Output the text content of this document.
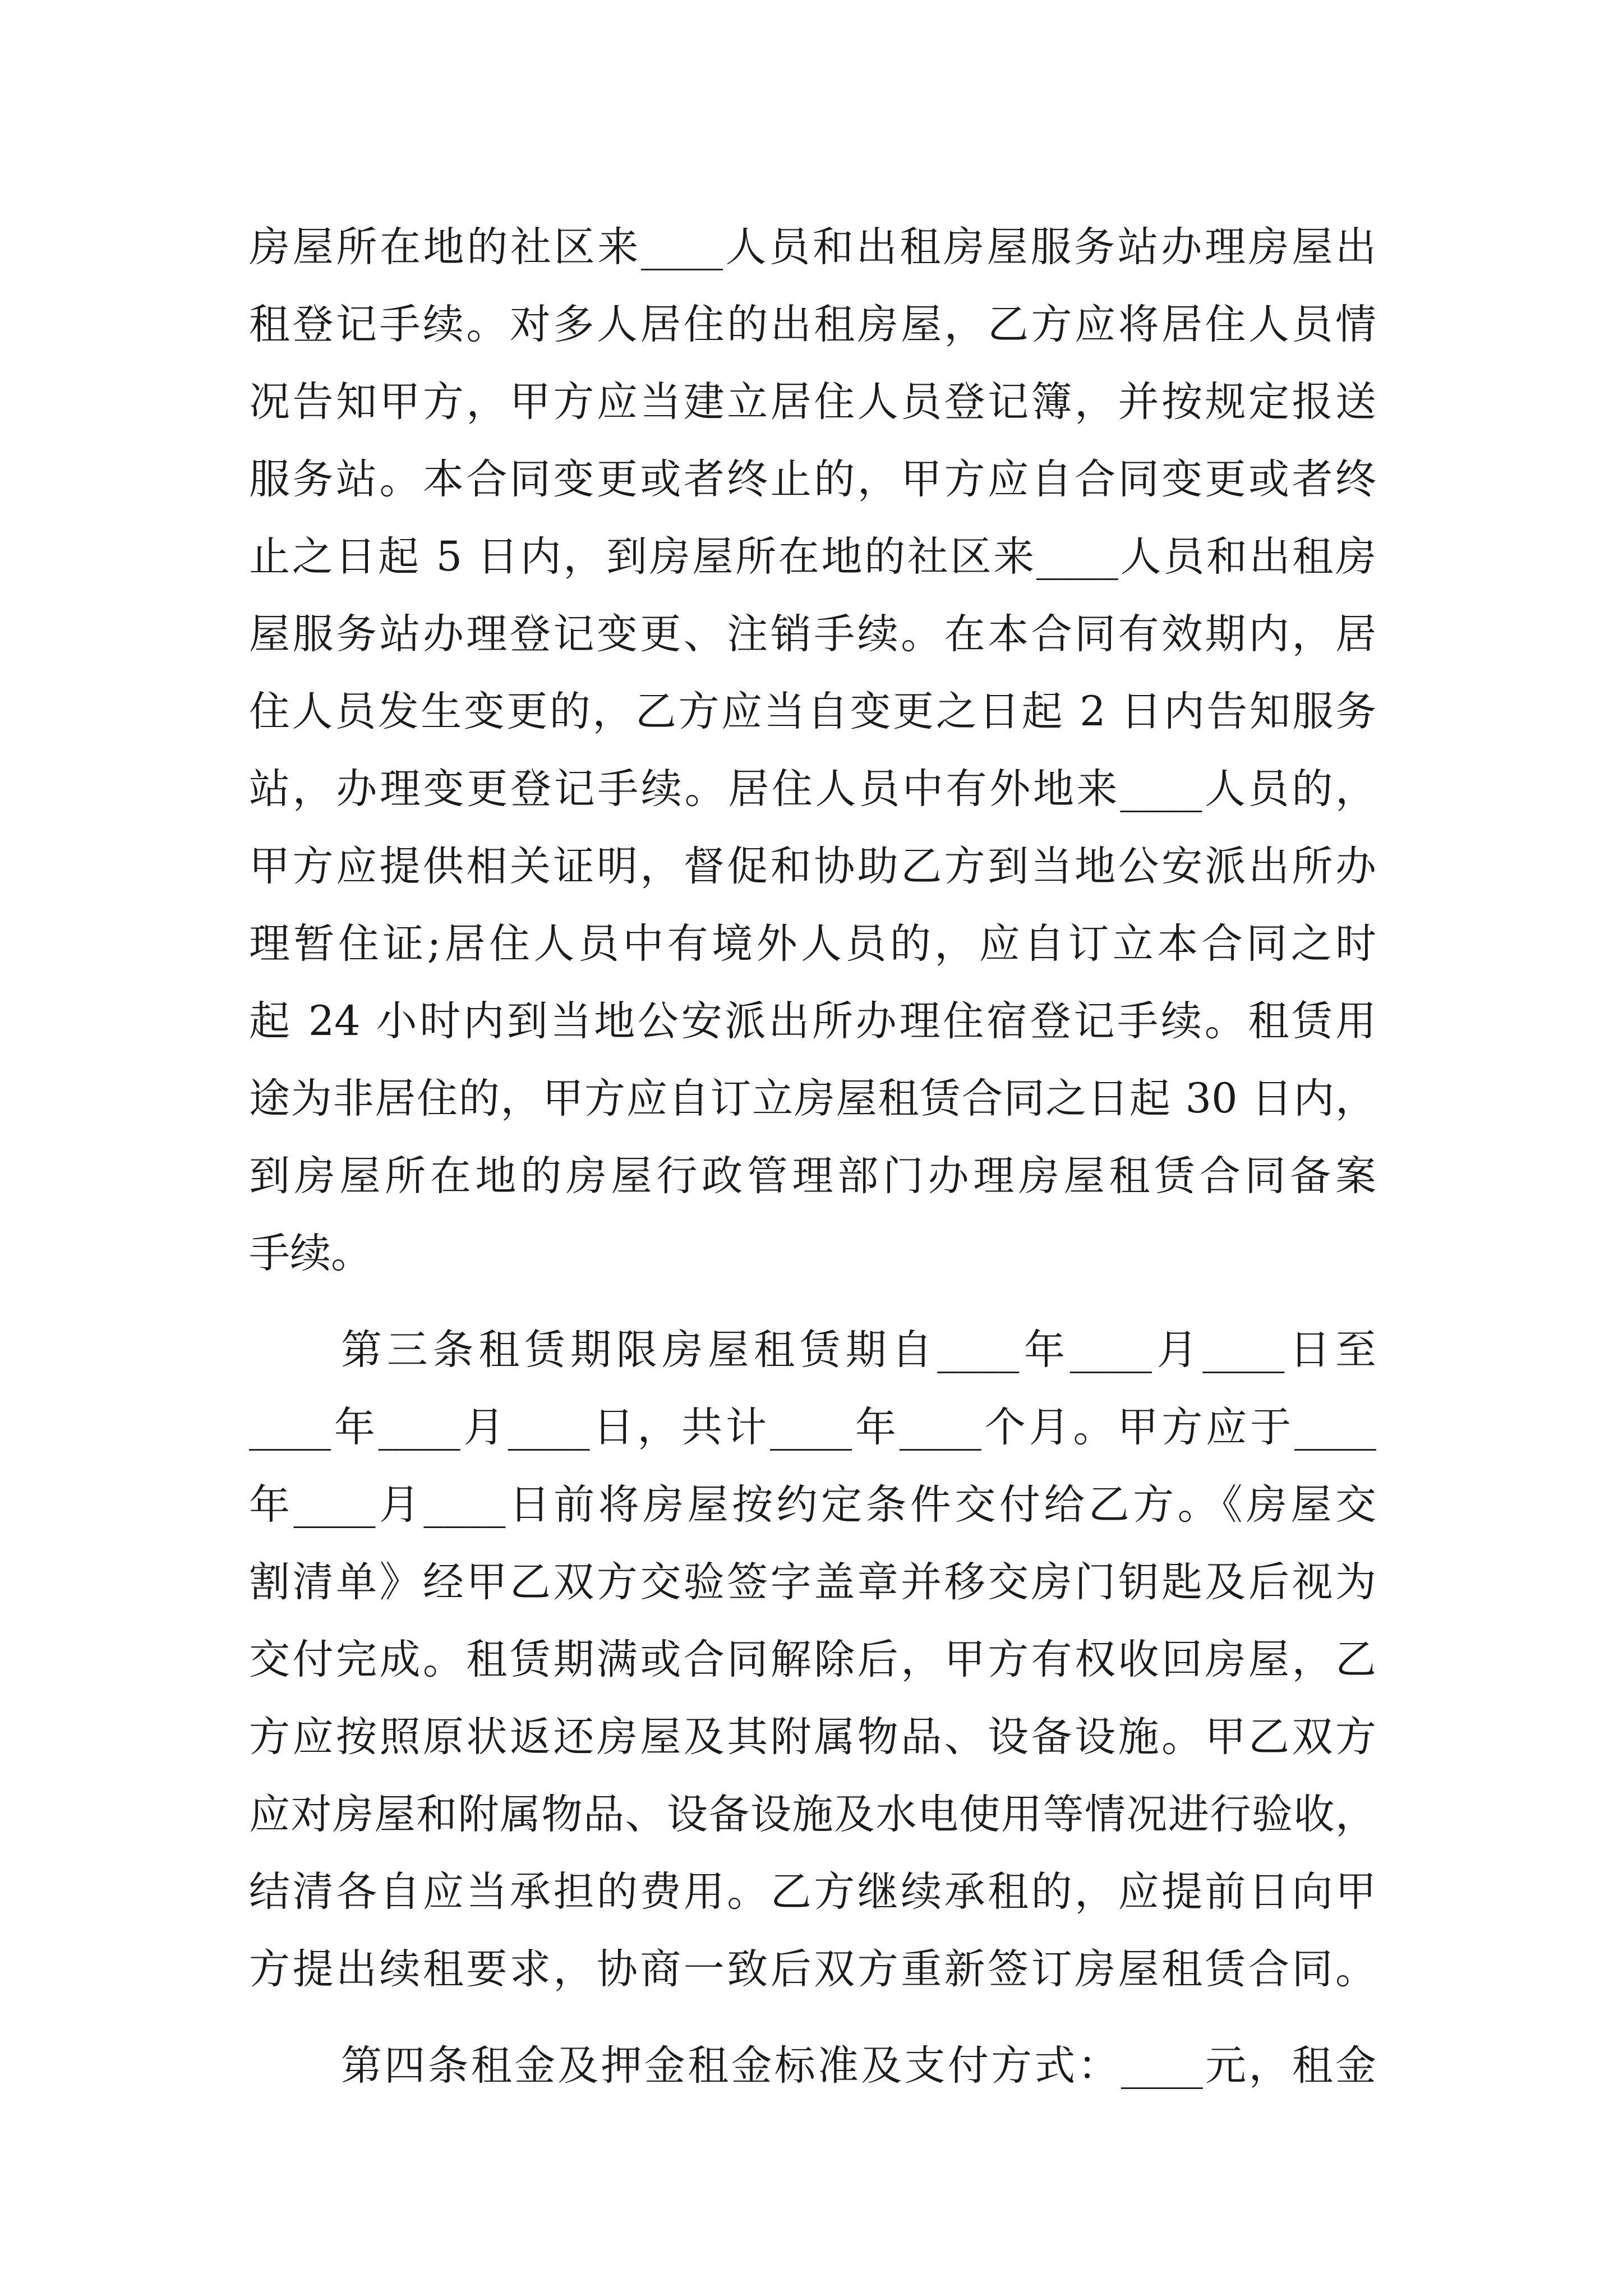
房屋所在地的社区来____人员和出租房屋服务站办理房屋出
租登记手续。对多人居住的出租房屋，乙方应将居住人员情
况告知甲方，甲方应当建立居住人员登记簿，并按规定报送
服务站。本合同变更或者终止的，甲方应自合同变更或者终
止之日起 5 日内，到房屋所在地的社区来____人员和出租房
屋服务站办理登记变更、注销手续。在本合同有效期内，居
住人员发生变更的，乙方应当自变更之日起 2 日内告知服务
站，办理变更登记手续。居住人员中有外地来____人员的，
甲方应提供相关证明，督促和协助乙方到当地公安派出所办
理暂住证;居住人员中有境外人员的，应自订立本合同之时
起 24 小时内到当地公安派出所办理住宿登记手续。租赁用
途为非居住的，甲方应自订立房屋租赁合同之日起 30 日内，
到房屋所在地的房屋行政管理部门办理房屋租赁合同备案
手续。
第三条租赁期限房屋租赁期自____年____月____日至
____年____月____日，共计____年____个月。甲方应于____
年____月____日前将房屋按约定条件交付给乙方。《房屋交
割清单》经甲乙双方交验签字盖章并移交房门钥匙及后视为
交付完成。租赁期满或合同解除后，甲方有权收回房屋，乙
方应按照原状返还房屋及其附属物品、设备设施。甲乙双方
应对房屋和附属物品、设备设施及水电使用等情况进行验收，
结清各自应当承担的费用。乙方继续承租的，应提前日向甲
方提出续租要求，协商一致后双方重新签订房屋租赁合同。
第四条租金及押金租金标准及支付方式：____元，租金
